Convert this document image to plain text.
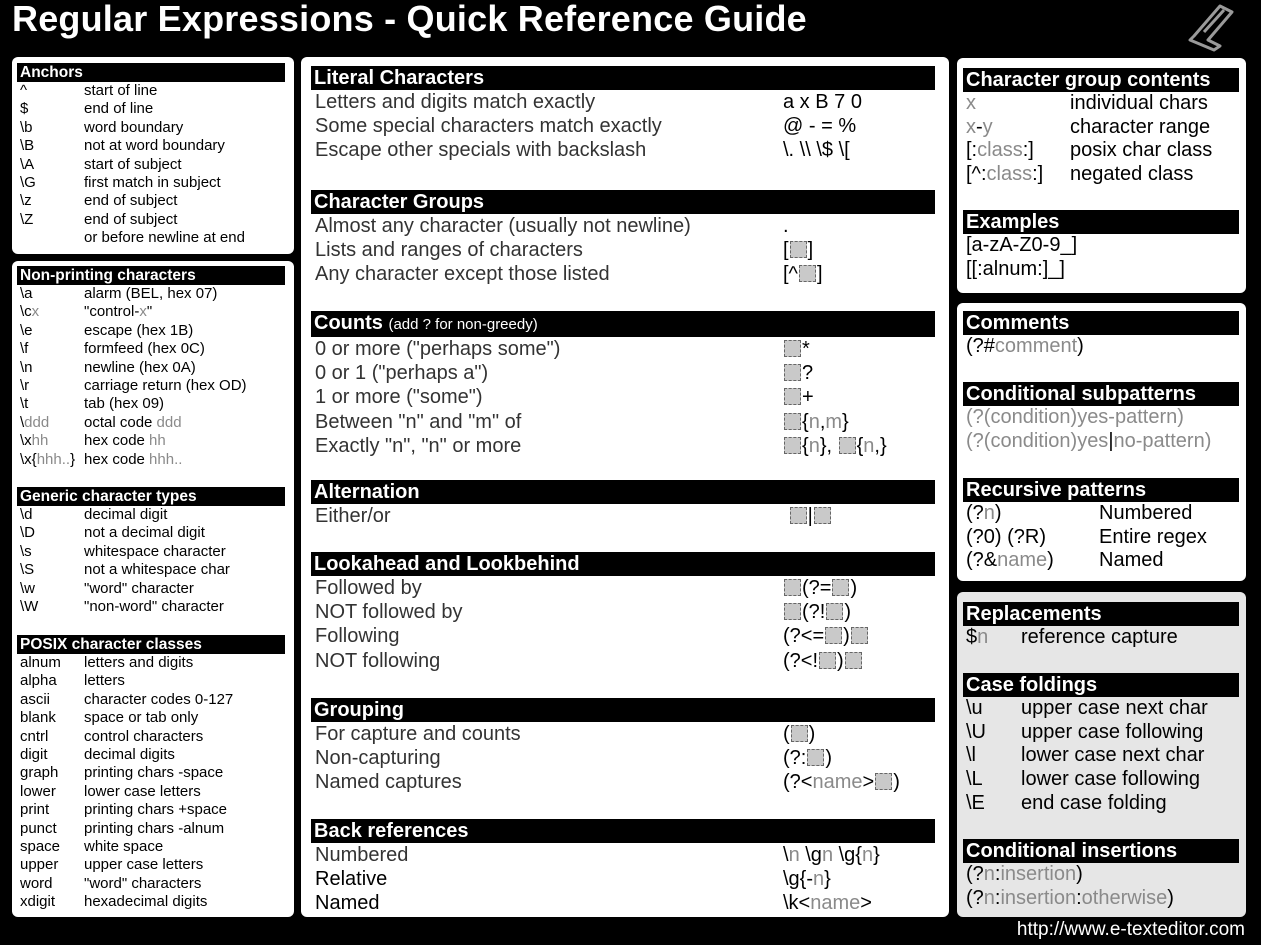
Regular Expressions - Quick Reference Guide
Anchors
^	start of line
$	end of line
\b	word boundary
\B	not at word boundary
\A	start of subject
\G	first match in subject
\z	end of subject
\Z	end of subject
or before newline at end
Non-printing characters
\a	alarm (BEL, hex 07)
\cx	"control-x"
\e	escape (hex 1B)
\f	formfeed (hex 0C)
\n	newline (hex 0A)
\r	carriage return (hex OD)
\t	tab (hex 09)
\ddd	octal code ddd
\xhh	hex code hh
\x{hhh..} hex code hhh..
Generic character types
\d	decimal digit
\D	not a decimal digit
\s	whitespace character
\S	not a whitespace char
\w	"word" character
\W	"non-word" character
POSIX character classes
alnum	letters and digits
alpha	letters
ascii	character codes 0-127
blank	space or tab only
cntrl	control characters
digit	decimal digits
graph	printing chars -space
lower	lower case letters
print	printing chars +space
punct	printing chars -alnum
space	white space
upper	upper case letters
word	"word" characters
xdigit	hexadecimal digits
Literal Characters
Letters and digits match exactly	a x B 7 0
Some special characters match exactly	@ - = %
Escape other specials with backslash	\. \\ \$ \[
Character Groups
Almost any character (usually not newline)	.
Lists and ranges of characters	[ ]
Any character except those listed	[^ ]
Counts (add ? for non-greedy)
0 or more ("perhaps some")	*
0 or 1 ("perhaps a")	?
1 or more ("some")	+
Between "n" and "m" of	{n,m}
Exactly "n", "n" or more	{n}, {n,}
Alternation
Either/or	|
Lookahead and Lookbehind
Followed by	(?= )
NOT followed by	(?! )
Following	(?<= )
NOT following	(?<! )
Grouping
For capture and counts	( )
Non-capturing	(?: )
Named captures	(?<name> )
Back references
Numbered	\n \gn \g{n}
Relative	\g{-n}
Named	\k<name>
Character group contents
x	individual chars
x-y	character range
[:class:]	posix char class
[^:class:]	negated class
Examples
[a-zA-Z0-9_]
[[:alnum:]_]
Comments
(?#comment)
Conditional subpatterns
(?(condition)yes-pattern)
(?(condition)yes|no-pattern)
Recursive patterns
(?n)	Numbered
(?0) (?R)	Entire regex
(?&name)	Named
Replacements
$n	reference capture
Case foldings
\u	upper case next char
\U	upper case following
\l	lower case next char
\L	lower case following
\E	end case folding
Conditional insertions
(?n:insertion)
(?n:insertion:otherwise)
http://www.e-texteditor.com
